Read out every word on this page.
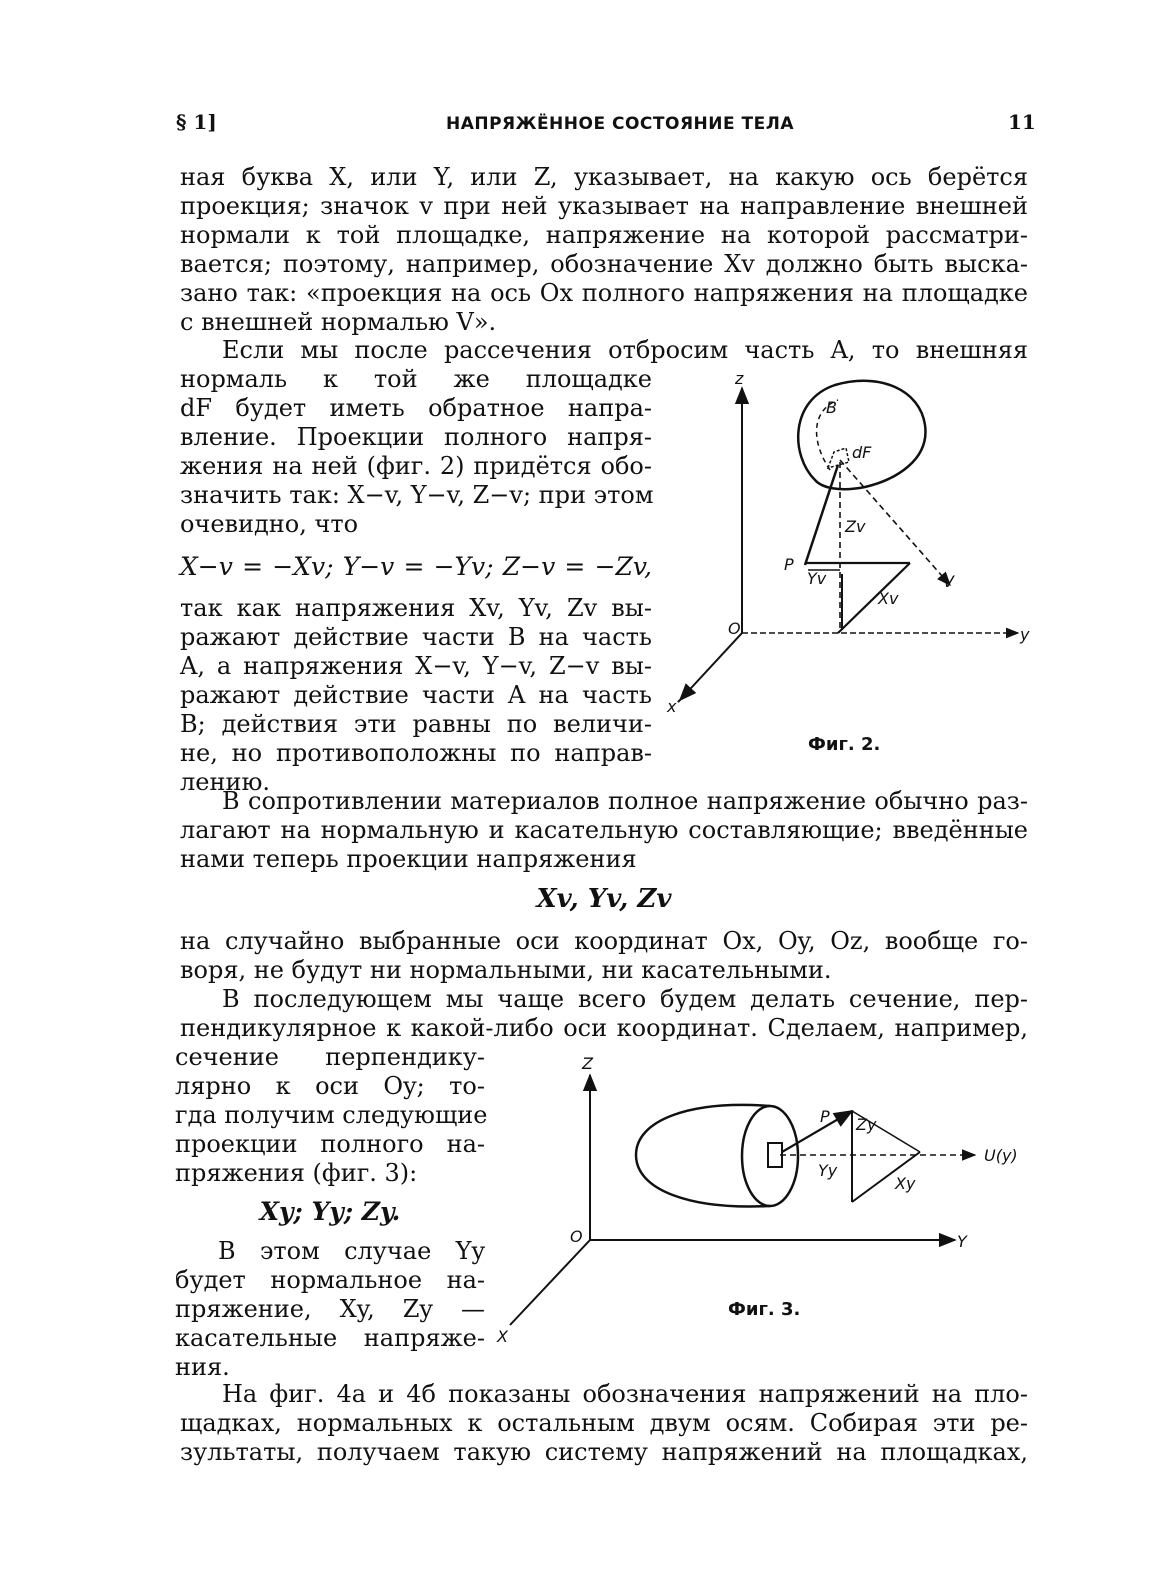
§ 1]	НАПРЯЖЁННОЕ СОСТОЯНИЕ ТЕЛА	11
ная буква X, или Y, или Z, указывает, на какую ось берётся
проекция; значок v при ней указывает на направление внешней
нормали к той площадке, напряжение на которой рассматри-
вается; поэтому, например, обозначение Xv должно быть выска-
зано так: «проекция на ось Ox полного напряжения на площадке
с внешней нормалью V».
Если мы после рассечения отбросим часть A, то внешняя
нормаль к той же площадке
dF будет иметь обратное напра-
вление. Проекции полного напря-
жения на ней (фиг. 2) придётся обо-
значить так: X−v, Y−v, Z−v; при этом
очевидно, что
X−v = −Xv; Y−v = −Yv; Z−v = −Zv,
так как напряжения Xv, Yv, Zv вы-
ражают действие части B на часть
A, а напряжения X−v, Y−v, Z−v вы-
ражают действие части A на часть
B; действия эти равны по величи-
не, но противоположны по направ-
лению.
z
B
dF
Zv
P
Yv	V
Xv
O	y
x
Фиг. 2.
В сопротивлении материалов полное напряжение обычно раз-
лагают на нормальную и касательную составляющие; введённые
нами теперь проекции напряжения
Xv, Yv, Zv
на случайно выбранные оси координат Ox, Oy, Oz, вообще го-
воря, не будут ни нормальными, ни касательными.
В последующем мы чаще всего будем делать сечение, пер-
пендикулярное к какой-либо оси координат. Сделаем, например,
сечение перпендику-
лярно к оси Oy; то-
гда получим следующие
проекции полного на-
пряжения (фиг. 3):
Xy; Yy; Zy.
В этом случае Yy
будет нормальное на-
пряжение, Xy, Zy —
касательные напряже-
ния.
Z
P Zy
Yy
Xy
U(y)
O	Y
X
Фиг. 3.
На фиг. 4а и 4б показаны обозначения напряжений на пло-
щадках, нормальных к остальным двум осям. Собирая эти ре-
зультаты, получаем такую систему напряжений на площадках,
